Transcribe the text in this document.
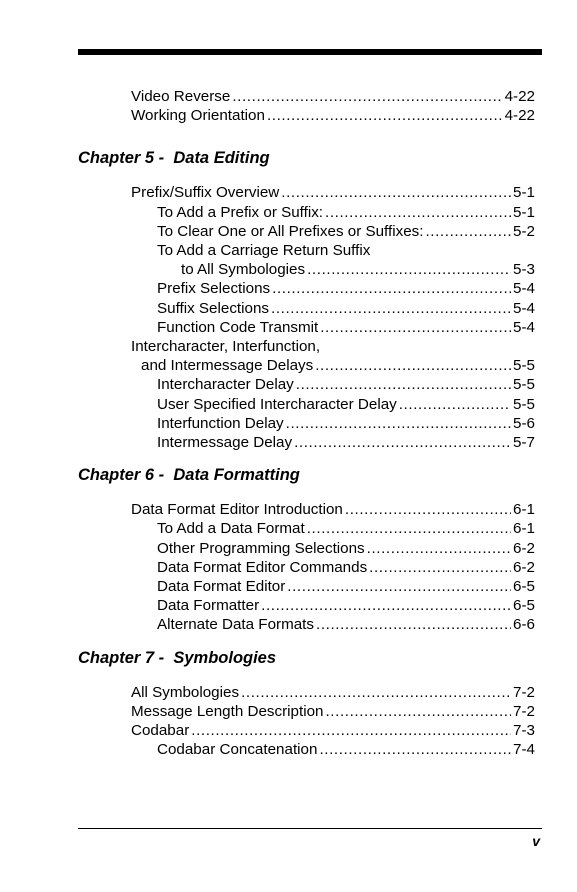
Video Reverse .....	4-22
Working Orientation .....	4-22
Chapter 5 -  Data Editing
Prefix/Suffix Overview .....	5-1
To Add a Prefix or Suffix: .....	5-1
To Clear One or All Prefixes or Suffixes: .....	5-2
To Add a Carriage Return Suffix
to All Symbologies .....	5-3
Prefix Selections .....	5-4
Suffix Selections .....	5-4
Function Code Transmit .....	5-4
Intercharacter, Interfunction,
and Intermessage Delays .....	5-5
Intercharacter Delay .....	5-5
User Specified Intercharacter Delay .....	5-5
Interfunction Delay .....	5-6
Intermessage Delay .....	5-7
Chapter 6 -  Data Formatting
Data Format Editor Introduction .....	6-1
To Add a Data Format .....	6-1
Other Programming Selections .....	6-2
Data Format Editor Commands .....	6-2
Data Format Editor .....	6-5
Data Formatter .....	6-5
Alternate Data Formats .....	6-6
Chapter 7 -  Symbologies
All Symbologies .....	7-2
Message Length Description .....	7-2
Codabar .....	7-3
Codabar Concatenation .....	7-4
v
